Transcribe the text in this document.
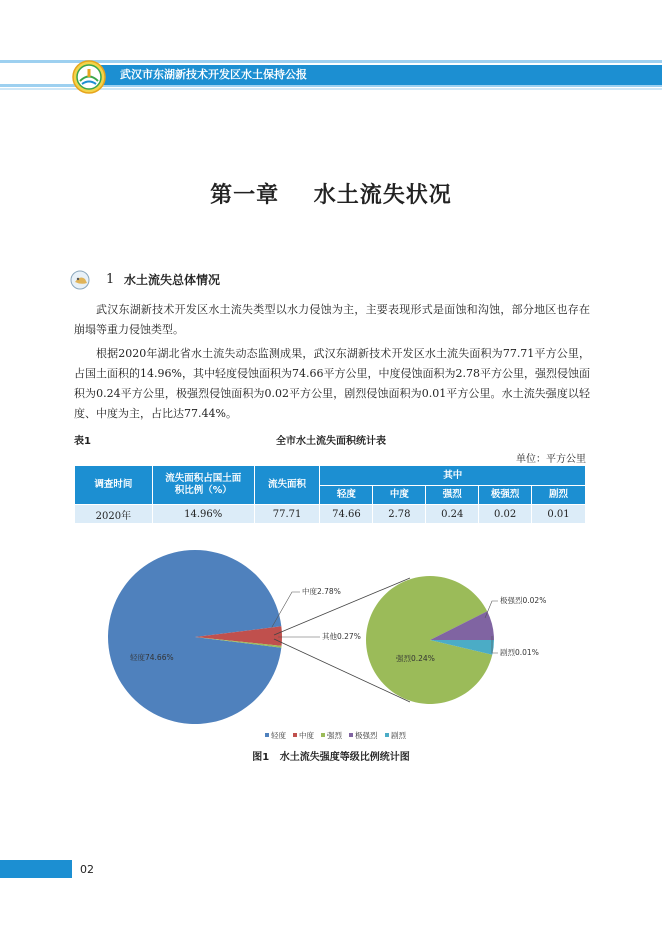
武汉市东湖新技术开发区水土保持公报
第一章    水土流失状况
1 水土流失总体情况
武汉东湖新技术开发区水土流失类型以水力侵蚀为主，主要表现形式是面蚀和沟蚀，部分地区也存在崩塌等重力侵蚀类型。
根据2020年湖北省水土流失动态监测成果，武汉东湖新技术开发区水土流失面积为77.71平方公里，占国土面积的14.96%，其中轻度侵蚀面积为74.66平方公里，中度侵蚀面积为2.78平方公里，强烈侵蚀面积为0.24平方公里，极强烈侵蚀面积为0.02平方公里，剧烈侵蚀面积为0.01平方公里。水土流失强度以轻度、中度为主，占比达77.44%。
表1	全市水土流失面积统计表
单位：平方公里
调查时间	流失面积占国土面积比例（%）	流失面积	其中				
			轻度	中度	强烈	极强烈	剧烈
2020年	14.96%	77.71	74.66	2.78	0.24	0.02	0.01
轻度74.66%
中度2.78%
其他0.27%
强烈0.24%
极强烈0.02%
剧烈0.01%
轻度 中度 强烈 极强烈 剧烈
图1   水土流失强度等级比例统计图
02
